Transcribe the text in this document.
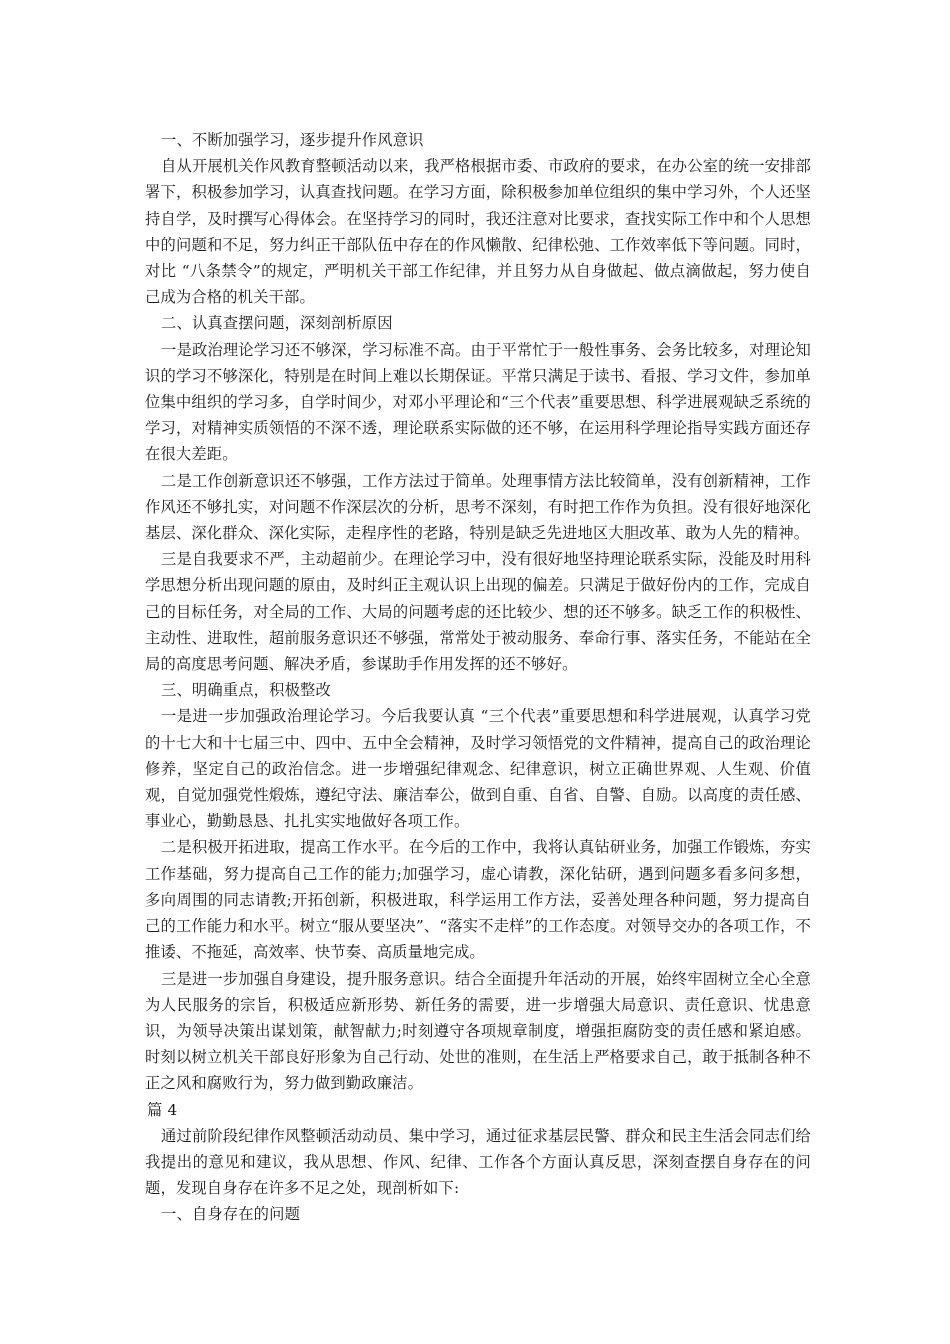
一、不断加强学习，逐步提升作风意识

自从开展机关作风教育整顿活动以来，我严格根据市委、市政府的要求，在办公室的统一安排部署下，积极参加学习，认真查找问题。在学习方面，除积极参加单位组织的集中学习外，个人还坚持自学，及时撰写心得体会。在坚持学习的同时，我还注意对比要求，查找实际工作中和个人思想中的问题和不足，努力纠正干部队伍中存在的作风懒散、纪律松弛、工作效率低下等问题。同时，对比 “八条禁令”的规定，严明机关干部工作纪律，并且努力从自身做起、做点滴做起，努力使自己成为合格的机关干部。

二、认真查摆问题，深刻剖析原因

一是政治理论学习还不够深，学习标准不高。由于平常忙于一般性事务、会务比较多，对理论知识的学习不够深化，特别是在时间上难以长期保证。平常只满足于读书、看报、学习文件，参加单位集中组织的学习多，自学时间少，对邓小平理论和“三个代表”重要思想、科学进展观缺乏系统的学习，对精神实质领悟的不深不透，理论联系实际做的还不够，在运用科学理论指导实践方面还存在很大差距。

二是工作创新意识还不够强，工作方法过于简单。处理事情方法比较简单，没有创新精神，工作作风还不够扎实，对问题不作深层次的分析，思考不深刻，有时把工作作为负担。没有很好地深化基层、深化群众、深化实际，走程序性的老路，特别是缺乏先进地区大胆改革、敢为人先的精神。

三是自我要求不严，主动超前少。在理论学习中，没有很好地坚持理论联系实际，没能及时用科学思想分析出现问题的原由，及时纠正主观认识上出现的偏差。只满足于做好份内的工作，完成自己的目标任务，对全局的工作、大局的问题考虑的还比较少、想的还不够多。缺乏工作的积极性、主动性、进取性，超前服务意识还不够强，常常处于被动服务、奉命行事、落实任务，不能站在全局的高度思考问题、解决矛盾，参谋助手作用发挥的还不够好。

三、明确重点，积极整改

一是进一步加强政治理论学习。今后我要认真 “三个代表”重要思想和科学进展观，认真学习党的十七大和十七届三中、四中、五中全会精神，及时学习领悟党的文件精神，提高自己的政治理论修养，坚定自己的政治信念。进一步增强纪律观念、纪律意识，树立正确世界观、人生观、价值观，自觉加强党性煅炼，遵纪守法、廉洁奉公，做到自重、自省、自警、自励。以高度的责任感、事业心，勤勤恳恳、扎扎实实地做好各项工作。

二是积极开拓进取，提高工作水平。在今后的工作中，我将认真钻研业务，加强工作锻炼，夯实工作基础，努力提高自己工作的能力;加强学习，虚心请教，深化钻研，遇到问题多看多问多想，多向周围的同志请教;开拓创新，积极进取，科学运用工作方法，妥善处理各种问题，努力提高自己的工作能力和水平。树立“服从要坚决”、“落实不走样”的工作态度。对领导交办的各项工作，不推诿、不拖延，高效率、快节奏、高质量地完成。

三是进一步加强自身建设，提升服务意识。结合全面提升年活动的开展，始终牢固树立全心全意为人民服务的宗旨，积极适应新形势、新任务的需要，进一步增强大局意识、责任意识、忧患意识，为领导决策出谋划策，献智献力;时刻遵守各项规章制度，增强拒腐防变的责任感和紧迫感。时刻以树立机关干部良好形象为自己行动、处世的准则，在生活上严格要求自己，敢于抵制各种不正之风和腐败行为，努力做到勤政廉洁。

篇 4

通过前阶段纪律作风整顿活动动员、集中学习，通过征求基层民警、群众和民主生活会同志们给我提出的意见和建议，我从思想、作风、纪律、工作各个方面认真反思，深刻查摆自身存在的问题，发现自身存在许多不足之处，现剖析如下:

一、自身存在的问题
